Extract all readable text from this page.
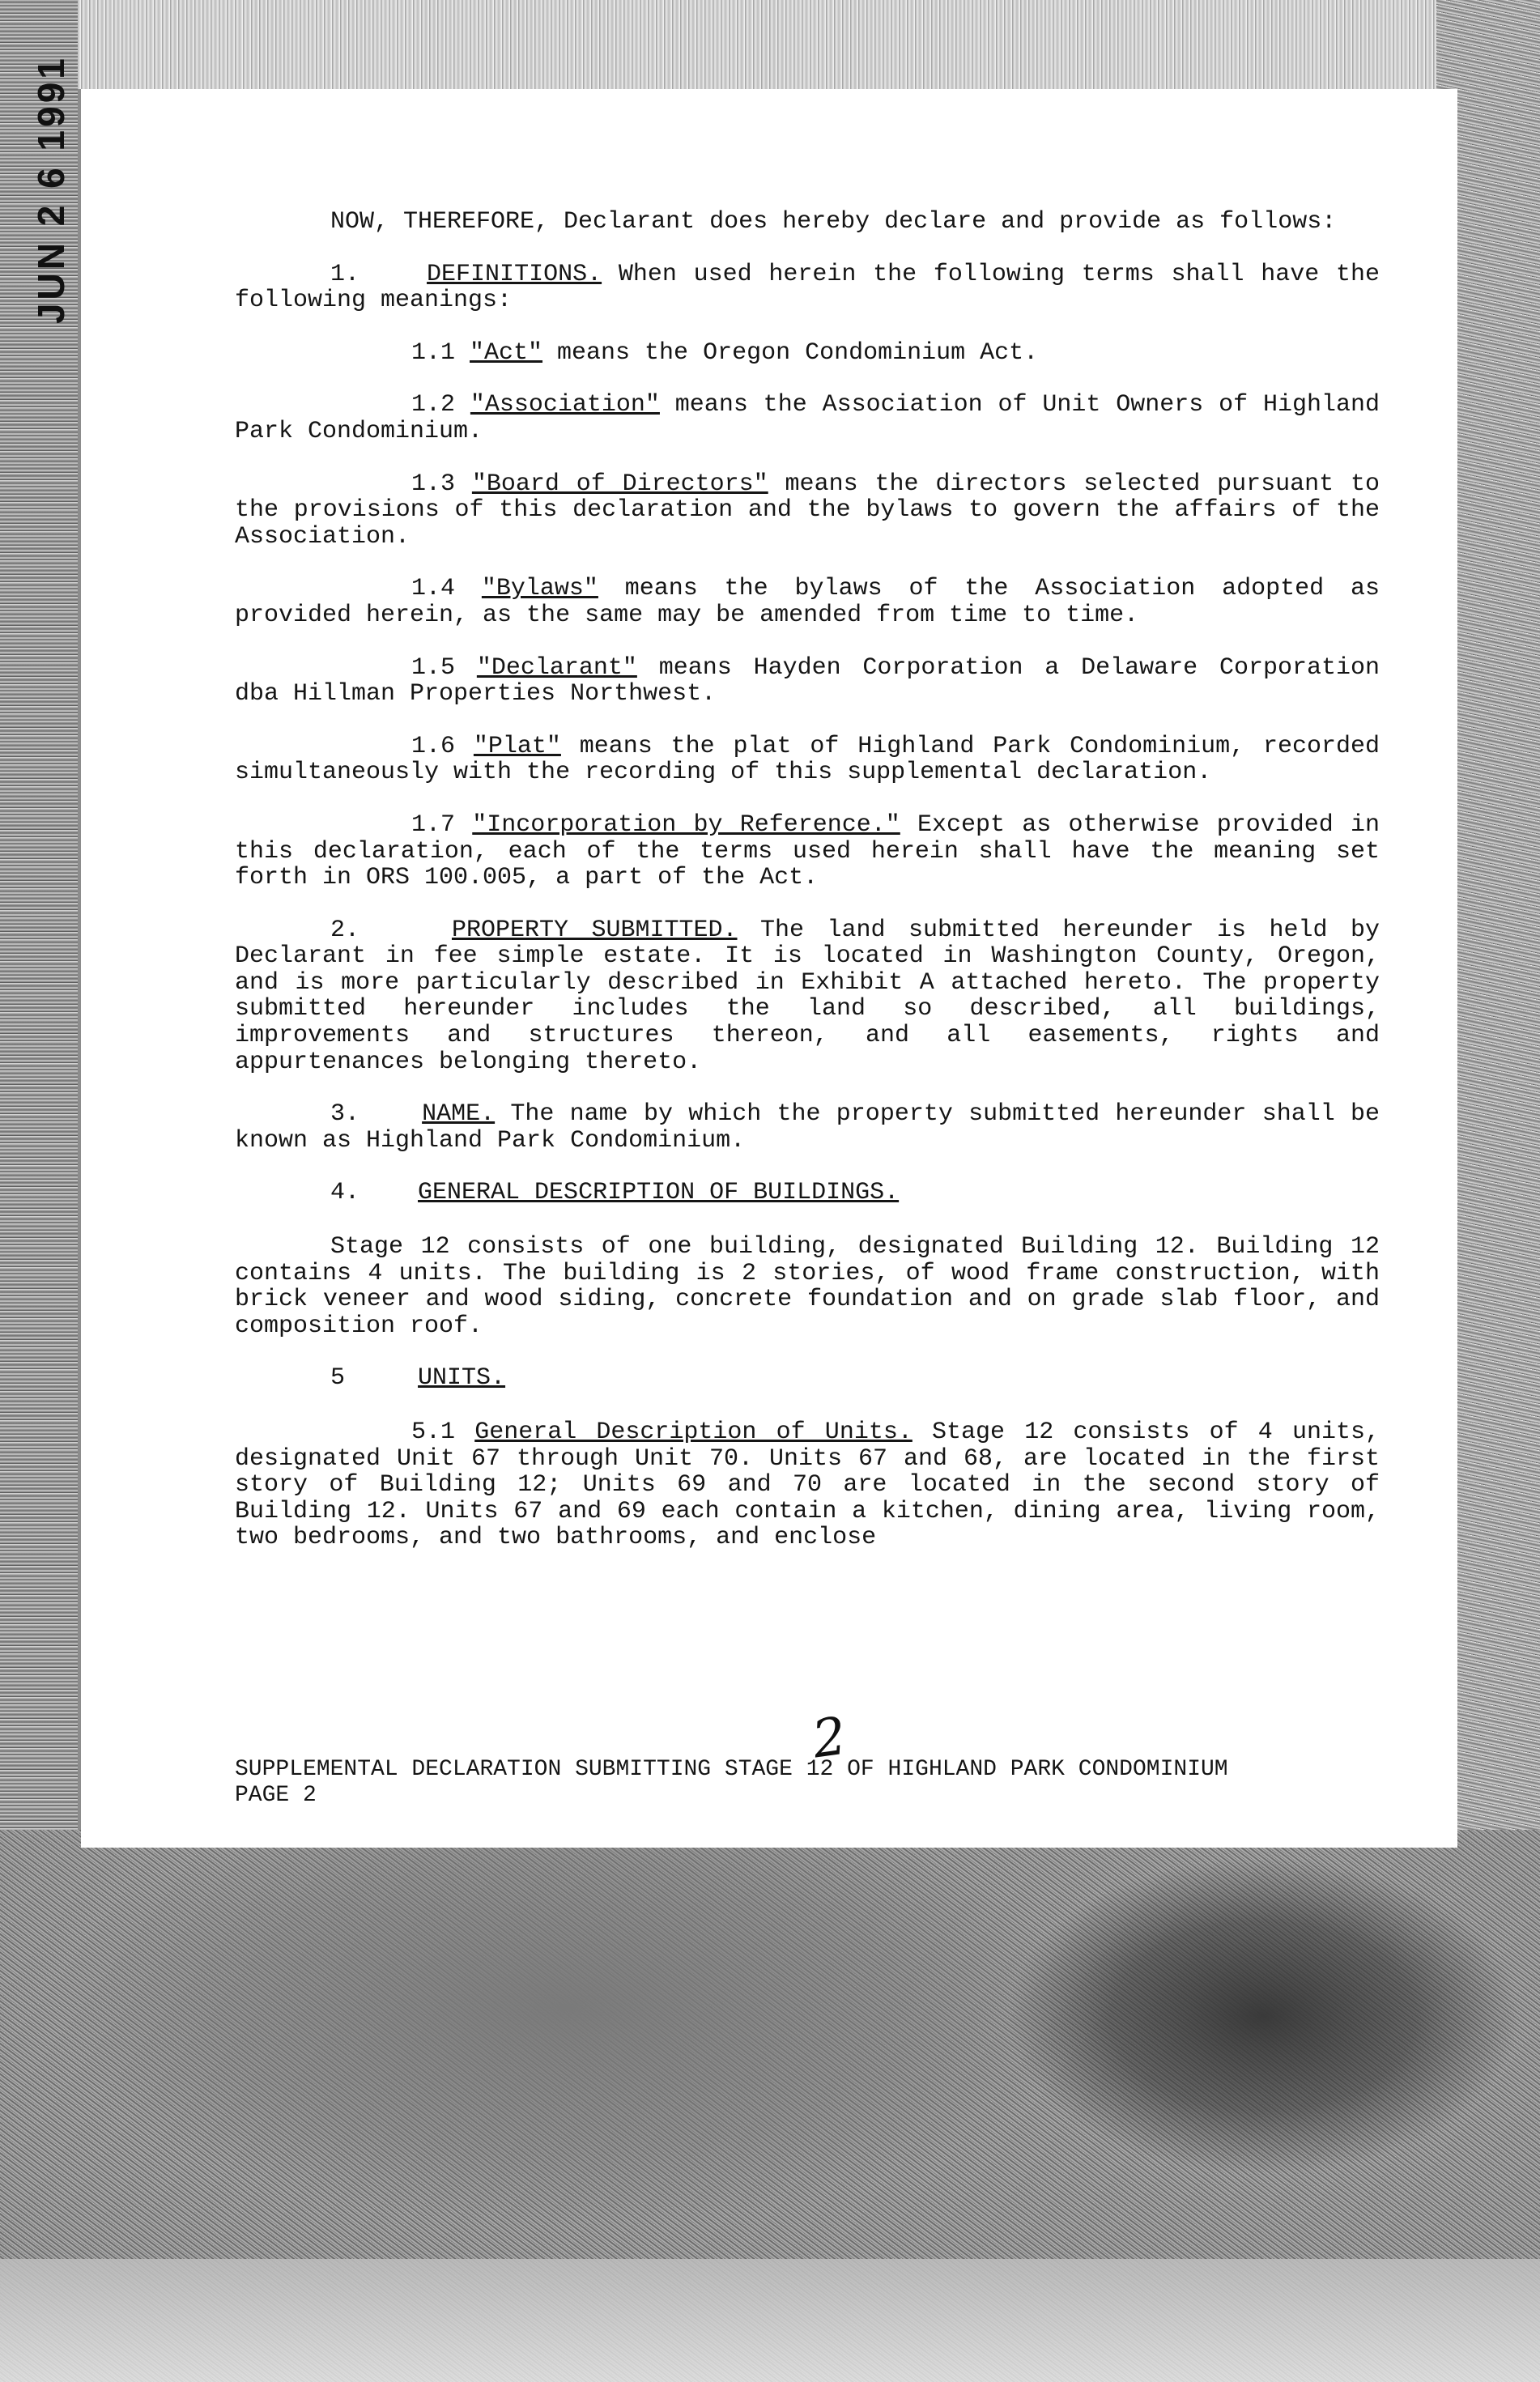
JUN 2 6 1991	NOW, THEREFORE, Declarant does hereby declare and provide as follows:

1.	DEFINITIONS. When used herein the following terms shall have the following meanings:

1.1 "Act" means the Oregon Condominium Act.

1.2 "Association" means the Association of Unit Owners of Highland Park Condominium.

1.3 "Board of Directors" means the directors selected pursuant to the provisions of this declaration and the bylaws to govern the affairs of the Association.

1.4 "Bylaws" means the bylaws of the Association adopted as provided herein, as the same may be amended from time to time.

1.5 "Declarant" means Hayden Corporation a Delaware Corporation dba Hillman Properties Northwest.

1.6 "Plat" means the plat of Highland Park Condominium, recorded simultaneously with the recording of this supplemental declaration.

1.7 "Incorporation by Reference." Except as otherwise provided in this declaration, each of the terms used herein shall have the meaning set forth in ORS 100.005, a part of the Act.

2.	PROPERTY SUBMITTED. The land submitted hereunder is held by Declarant in fee simple estate. It is located in Washington County, Oregon, and is more particularly described in Exhibit A attached hereto. The property submitted hereunder includes the land so described, all buildings, improvements and structures thereon, and all easements, rights and appurtenances belonging thereto.

3.	NAME. The name by which the property submitted hereunder shall be known as Highland Park Condominium.

4. GENERAL DESCRIPTION OF BUILDINGS.

Stage 12 consists of one building, designated Building 12. Building 12 contains 4 units. The building is 2 stories, of wood frame construction, with brick veneer and wood siding, concrete foundation and on grade slab floor, and composition roof.

5	UNITS.

5.1 General Description of Units. Stage 12 consists of 4 units, designated Unit 67 through Unit 70. Units 67 and 68, are located in the first story of Building 12; Units 69 and 70 are located in the second story of Building 12. Units 67 and 69 each contain a kitchen, dining area, living room, two bedrooms, and two bathrooms, and enclose

2
SUPPLEMENTAL DECLARATION SUBMITTING STAGE 12 OF HIGHLAND PARK CONDOMINIUM
PAGE 2
